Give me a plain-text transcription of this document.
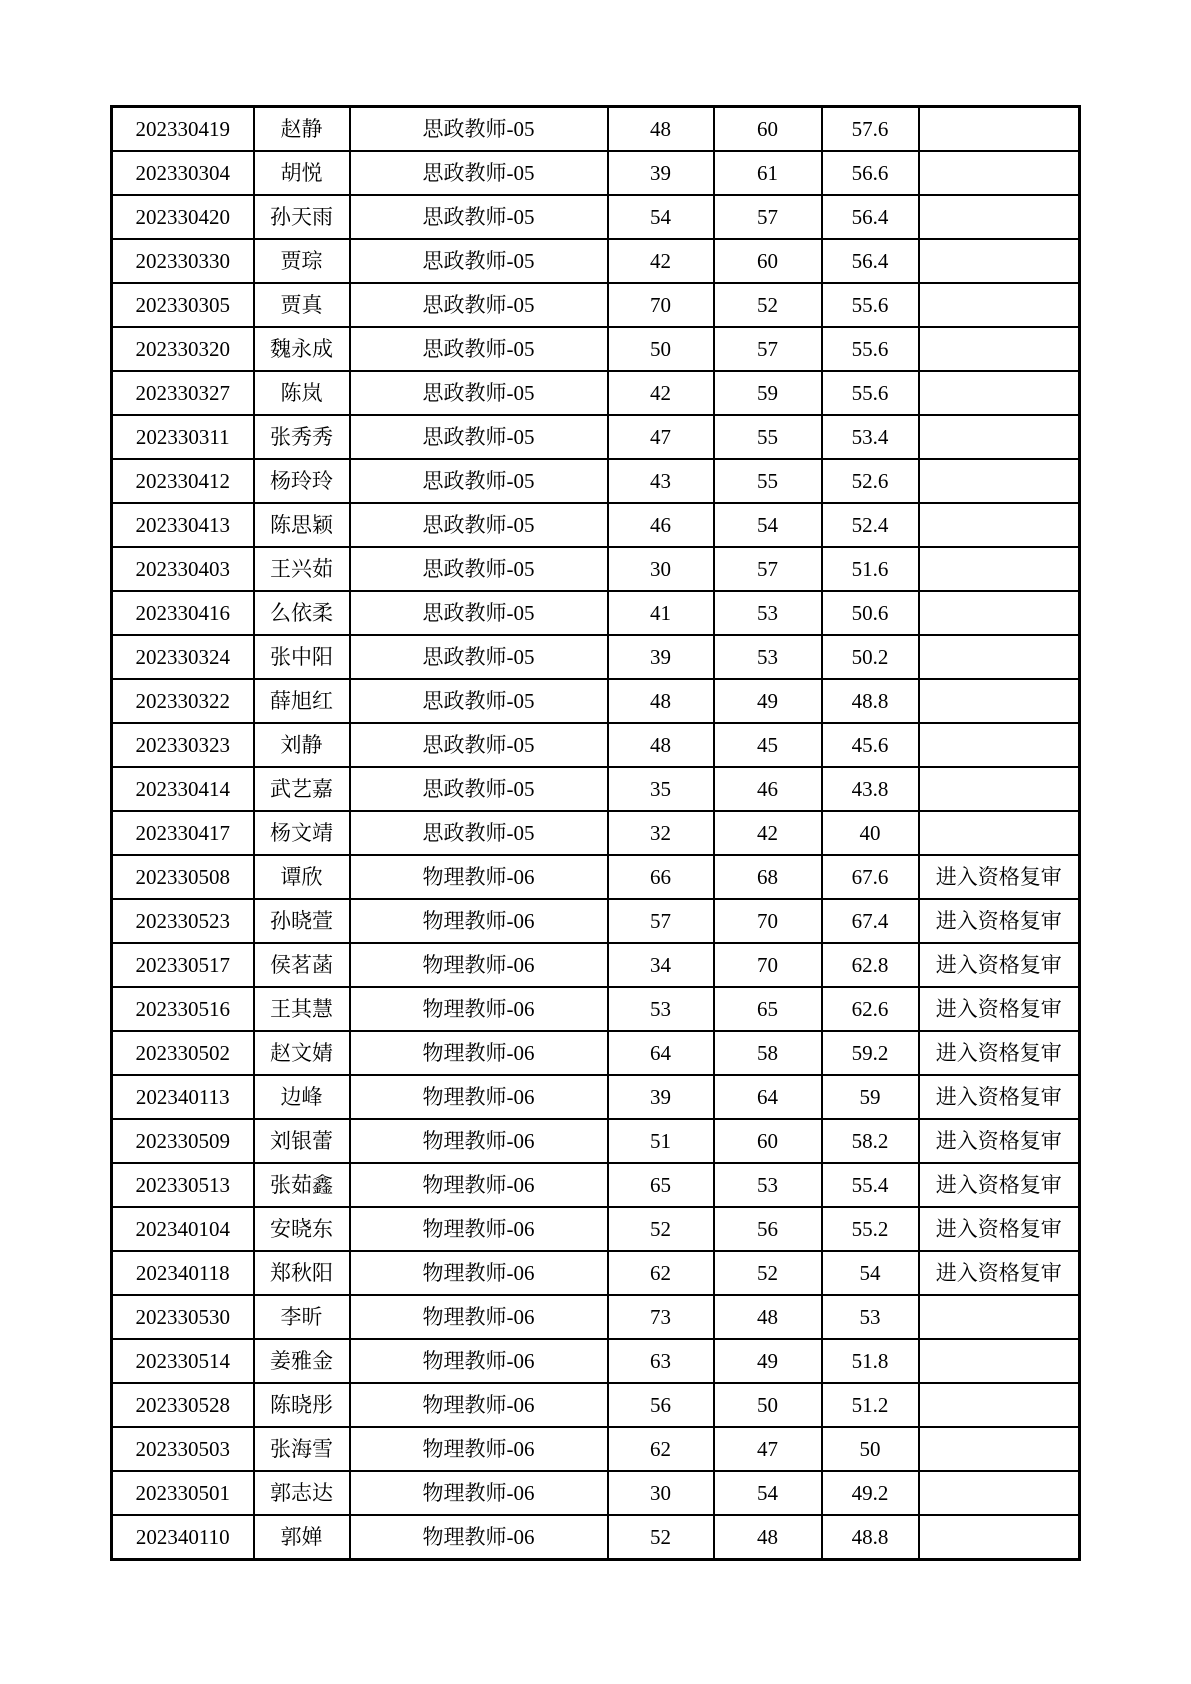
202330419	赵静	思政教师-05	48	60	57.6	
202330304	胡悦	思政教师-05	39	61	56.6	
202330420	孙天雨	思政教师-05	54	57	56.4	
202330330	贾琮	思政教师-05	42	60	56.4	
202330305	贾真	思政教师-05	70	52	55.6	
202330320	魏永成	思政教师-05	50	57	55.6	
202330327	陈岚	思政教师-05	42	59	55.6	
202330311	张秀秀	思政教师-05	47	55	53.4	
202330412	杨玲玲	思政教师-05	43	55	52.6	
202330413	陈思颖	思政教师-05	46	54	52.4	
202330403	王兴茹	思政教师-05	30	57	51.6	
202330416	么依柔	思政教师-05	41	53	50.6	
202330324	张中阳	思政教师-05	39	53	50.2	
202330322	薛旭红	思政教师-05	48	49	48.8	
202330323	刘静	思政教师-05	48	45	45.6	
202330414	武艺嘉	思政教师-05	35	46	43.8	
202330417	杨文靖	思政教师-05	32	42	40	
202330508	谭欣	物理教师-06	66	68	67.6	进入资格复审
202330523	孙晓萱	物理教师-06	57	70	67.4	进入资格复审
202330517	侯茗菡	物理教师-06	34	70	62.8	进入资格复审
202330516	王其慧	物理教师-06	53	65	62.6	进入资格复审
202330502	赵文婧	物理教师-06	64	58	59.2	进入资格复审
202340113	边峰	物理教师-06	39	64	59	进入资格复审
202330509	刘银蕾	物理教师-06	51	60	58.2	进入资格复审
202330513	张茹鑫	物理教师-06	65	53	55.4	进入资格复审
202340104	安晓东	物理教师-06	52	56	55.2	进入资格复审
202340118	郑秋阳	物理教师-06	62	52	54	进入资格复审
202330530	李昕	物理教师-06	73	48	53	
202330514	姜雅金	物理教师-06	63	49	51.8	
202330528	陈晓彤	物理教师-06	56	50	51.2	
202330503	张海雪	物理教师-06	62	47	50	
202330501	郭志达	物理教师-06	30	54	49.2	
202340110	郭婵	物理教师-06	52	48	48.8	
